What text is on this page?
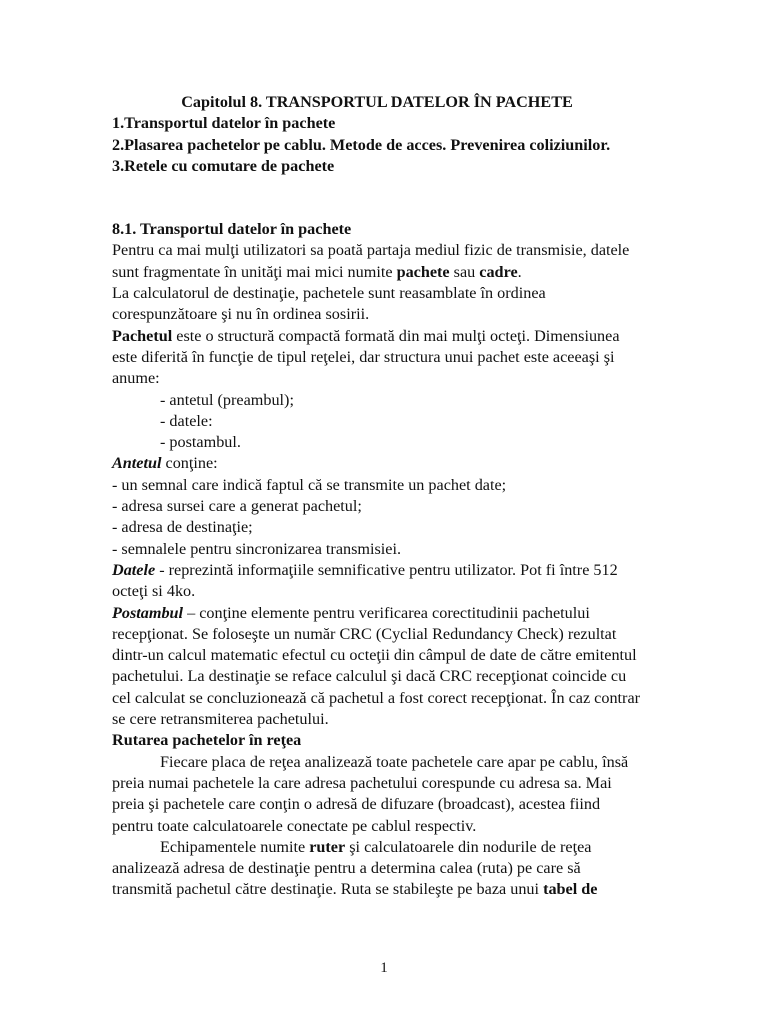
Capitolul 8. TRANSPORTUL DATELOR ÎN PACHETE

1.Transportul datelor în pachete

2.Plasarea pachetelor pe cablu. Metode de acces. Prevenirea coliziunilor.

3.Retele cu comutare de pachete

8.1. Transportul datelor în pachete

Pentru ca mai mulţi utilizatori sa poată partaja mediul fizic de transmisie, datele sunt fragmentate în unităţi mai mici numite pachete sau cadre.

La calculatorul de destinaţie, pachetele sunt reasamblate în ordinea corespunzătoare şi nu în ordinea sosirii.

Pachetul este o structură compactă formată din mai mulţi octeţi. Dimensiunea este diferită în funcţie de tipul reţelei, dar structura unui pachet este aceeaşi şi anume:

- antetul (preambul);

- datele:

- postambul.

Antetul conţine:

- un semnal care indică faptul că se transmite un pachet date;

- adresa sursei care a generat pachetul;

- adresa de destinaţie;

- semnalele pentru sincronizarea transmisiei.

Datele - reprezintă informaţiile semnificative pentru utilizator. Pot fi între 512 octeţi si 4ko.

Postambul – conţine elemente pentru verificarea corectitudinii pachetului recepţionat. Se foloseşte un număr CRC (Cyclial Redundancy Check) rezultat dintr-un calcul matematic efectul cu octeţii din câmpul de date de către emitentul pachetului. La destinaţie se reface calculul şi dacă CRC recepţionat coincide cu cel calculat se concluzionează că pachetul a fost corect recepţionat. În caz contrar se cere retransmiterea pachetului.

Rutarea pachetelor în reţea

Fiecare placa de reţea analizează toate pachetele care apar pe cablu, însă preia numai pachetele la care adresa pachetului corespunde cu adresa sa. Mai preia şi pachetele care conţin o adresă de difuzare (broadcast), acestea fiind pentru toate calculatoarele conectate pe cablul respectiv.

Echipamentele numite ruter şi calculatoarele din nodurile de reţea analizează adresa de destinaţie pentru a determina calea (ruta) pe care să transmită pachetul către destinaţie. Ruta se stabileşte pe baza unui tabel de

1
